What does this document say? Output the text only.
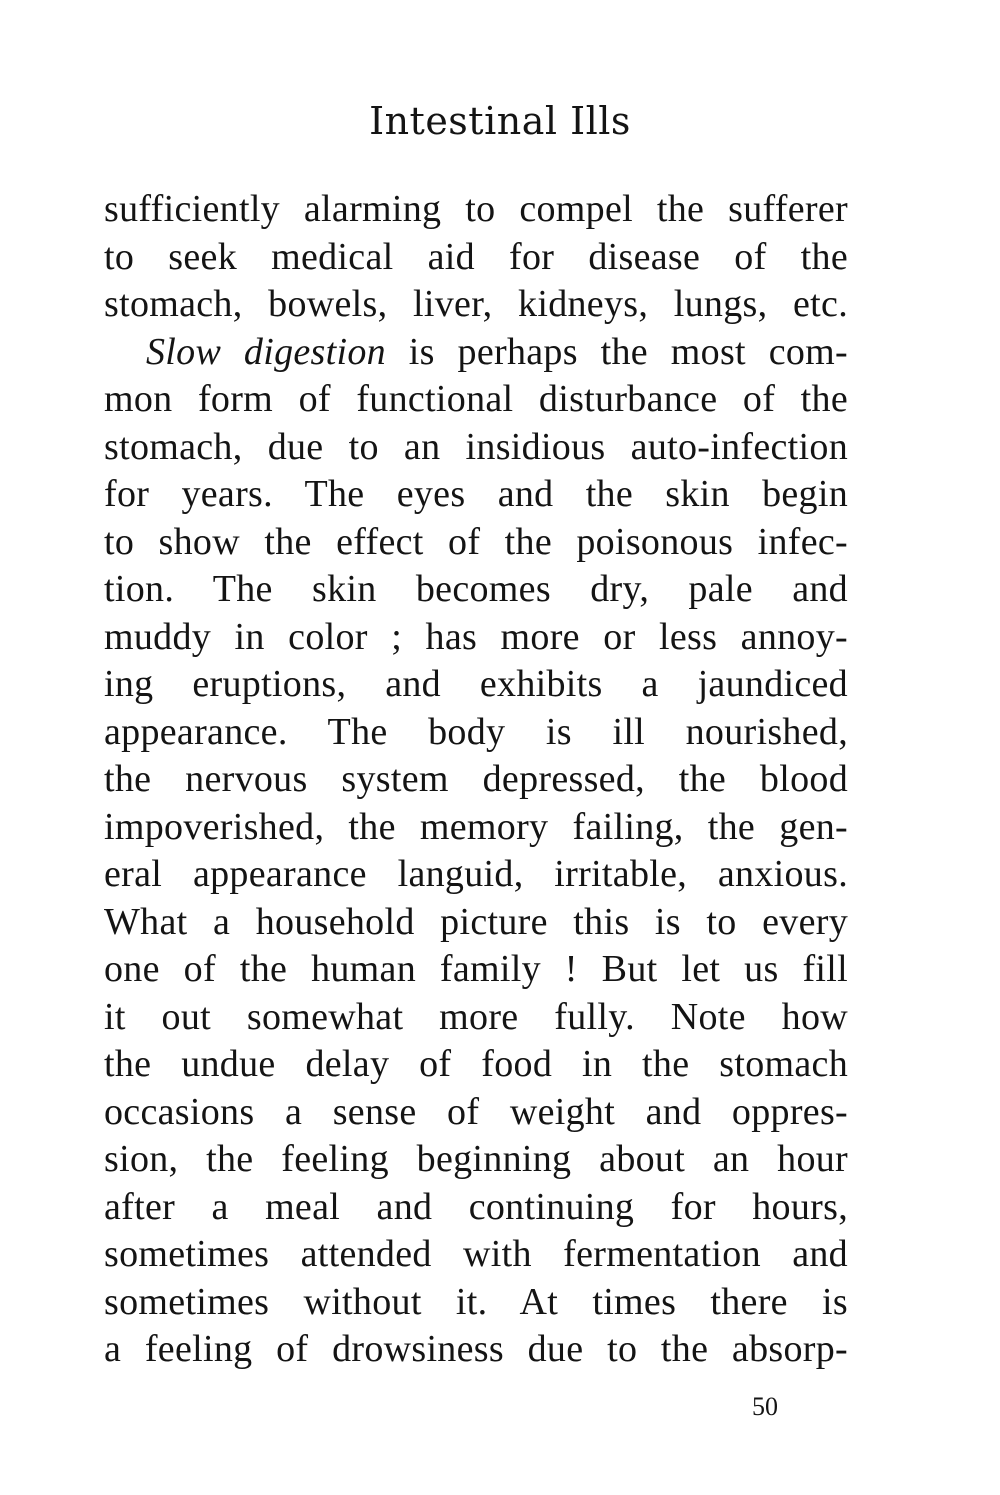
Intestinal Ills
sufficiently alarming to compel the sufferer
to seek medical aid for disease of the
stomach, bowels, liver, kidneys, lungs, etc.
Slow digestion is perhaps the most com-
mon form of functional disturbance of the
stomach, due to an insidious auto-infection
for years. The eyes and the skin begin
to show the effect of the poisonous infec-
tion. The skin becomes dry, pale and
muddy in color ; has more or less annoy-
ing eruptions, and exhibits a jaundiced
appearance. The body is ill nourished,
the nervous system depressed, the blood
impoverished, the memory failing, the gen-
eral appearance languid, irritable, anxious.
What a household picture this is to every
one of the human family ! But let us fill
it out somewhat more fully. Note how
the undue delay of food in the stomach
occasions a sense of weight and oppres-
sion, the feeling beginning about an hour
after a meal and continuing for hours,
sometimes attended with fermentation and
sometimes without it. At times there is
a feeling of drowsiness due to the absorp-
50
